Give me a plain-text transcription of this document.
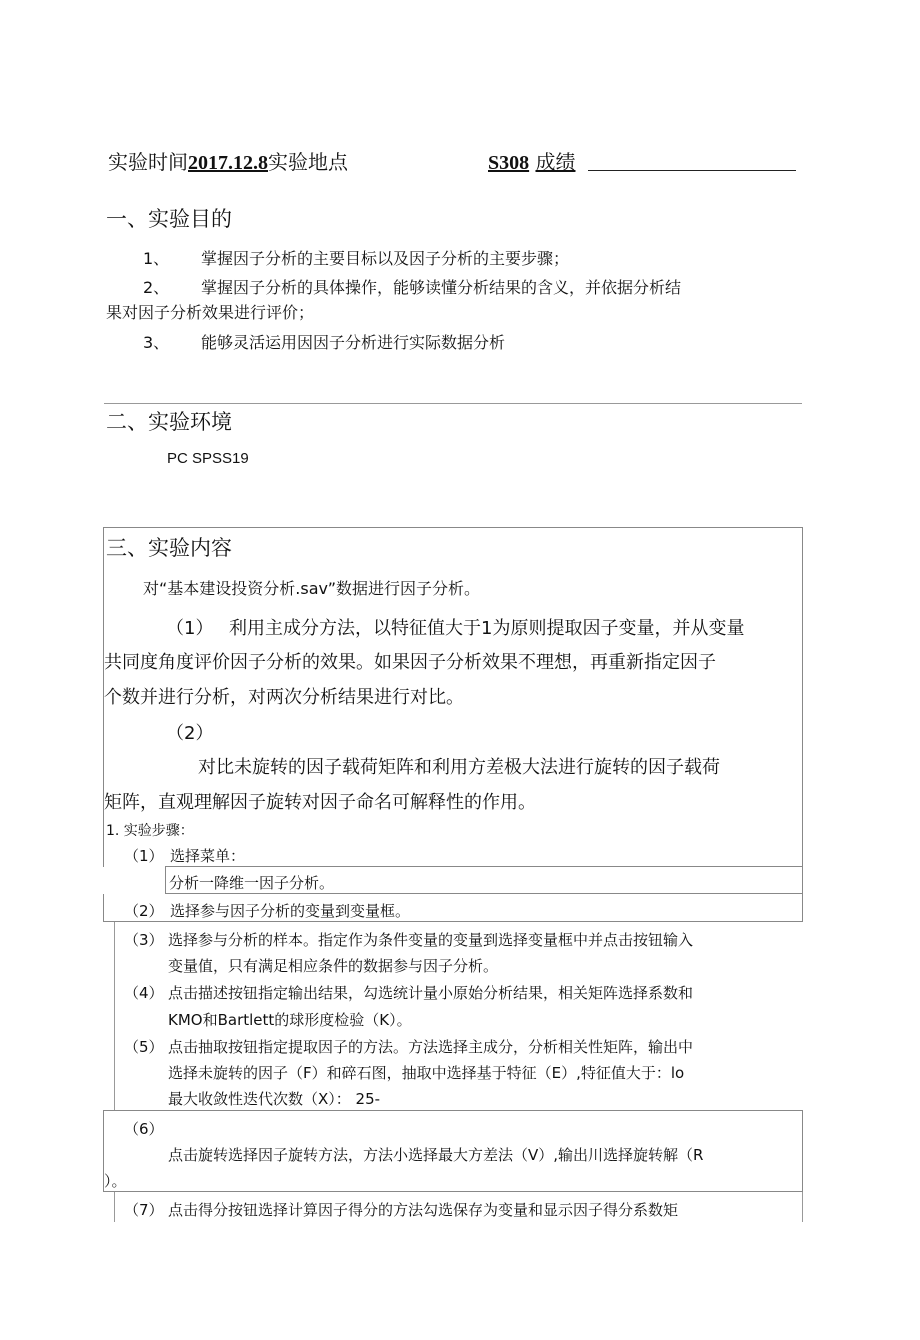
实验时间2017.12.8实验地点	S308 成绩
一、实验目的
1、 掌握因子分析的主要目标以及因子分析的主要步骤；
2、 掌握因子分析的具体操作，能够读懂分析结果的含义，并依据分析结
果对因子分析效果进行评价；
3、 能够灵活运用因因子分析进行实际数据分析
二、实验环境
PC SPSS19
三、实验内容
对“基本建设投资分析.sav”数据进行因子分析。
（1） 利用主成分方法，以特征值大于1为原则提取因子变量，并从变量
共同度角度评价因子分析的效果。如果因子分析效果不理想，再重新指定因子
个数并进行分析，对两次分析结果进行对比。
（2）
对比未旋转的因子载荷矩阵和利用方差极大法进行旋转的因子载荷
矩阵，直观理解因子旋转对因子命名可解释性的作用。
1. 实验步骤：
（1） 选择菜单：
分析一降维一因子分析。
（2） 选择参与因子分析的变量到变量框。
（3） 选择参与分析的样本。指定作为条件变量的变量到选择变量框中并点击按钮输入
变量值，只有满足相应条件的数据参与因子分析。
（4） 点击描述按钮指定输出结果，勾选统计量小原始分析结果，相关矩阵选择系数和
KMO和Bartlett的球形度检验（K）。
（5） 点击抽取按钮指定提取因子的方法。方法选择主成分，分析相关性矩阵，输出中
选择未旋转的因子（F）和碎石图，抽取中选择基于特征（E）,特征值大于：lo
最大收敛性迭代次数（X）： 25-
（6）
点击旋转选择因子旋转方法，方法小选择最大方差法（V）,输出川选择旋转解（R
）。
（7） 点击得分按钮选择计算因子得分的方法勾选保存为变量和显示因子得分系数矩
